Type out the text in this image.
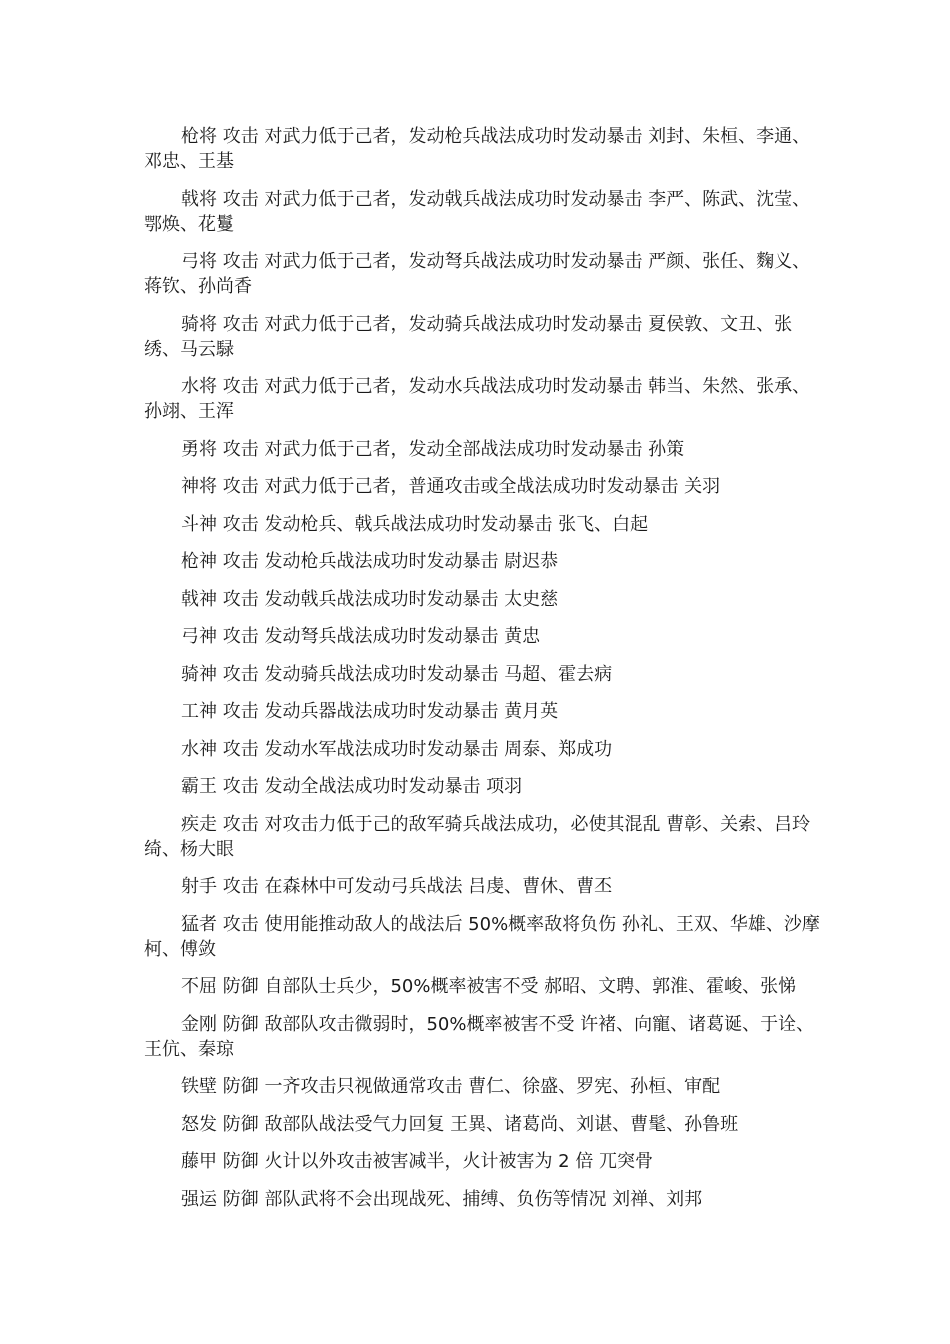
枪将 攻击 对武力低于己者，发动枪兵战法成功时发动暴击 刘封、朱桓、李通、邓忠、王基

戟将 攻击 对武力低于己者，发动戟兵战法成功时发动暴击 李严、陈武、沈莹、鄂焕、花鬘

弓将 攻击 对武力低于己者，发动弩兵战法成功时发动暴击 严颜、张任、麴义、蒋钦、孙尚香

骑将 攻击 对武力低于己者，发动骑兵战法成功时发动暴击 夏侯敦、文丑、张绣、马云騄

水将 攻击 对武力低于己者，发动水兵战法成功时发动暴击 韩当、朱然、张承、孙翊、王浑

勇将 攻击 对武力低于己者，发动全部战法成功时发动暴击 孙策

神将 攻击 对武力低于己者，普通攻击或全战法成功时发动暴击 关羽

斗神 攻击 发动枪兵、戟兵战法成功时发动暴击 张飞、白起

枪神 攻击 发动枪兵战法成功时发动暴击 尉迟恭

戟神 攻击 发动戟兵战法成功时发动暴击 太史慈

弓神 攻击 发动弩兵战法成功时发动暴击 黄忠

骑神 攻击 发动骑兵战法成功时发动暴击 马超、霍去病

工神 攻击 发动兵器战法成功时发动暴击 黄月英

水神 攻击 发动水军战法成功时发动暴击 周泰、郑成功

霸王 攻击 发动全战法成功时发动暴击 项羽

疾走 攻击 对攻击力低于己的敌军骑兵战法成功，必使其混乱 曹彰、关索、吕玲绮、杨大眼

射手 攻击 在森林中可发动弓兵战法 吕虔、曹休、曹丕

猛者 攻击 使用能推动敌人的战法后 50%概率敌将负伤 孙礼、王双、华雄、沙摩柯、傅敛

不屈 防御 自部队士兵少，50%概率被害不受 郝昭、文聘、郭淮、霍峻、张悌

金刚 防御 敌部队攻击微弱时，50%概率被害不受 许褚、向寵、诸葛诞、于诠、王伉、秦琼

铁壁 防御 一齐攻击只视做通常攻击 曹仁、徐盛、罗宪、孙桓、审配

怒发 防御 敌部队战法受气力回复 王異、诸葛尚、刘谌、曹髦、孙鲁班

藤甲 防御 火计以外攻击被害减半，火计被害为 2 倍 兀突骨

强运 防御 部队武将不会出现战死、捕缚、负伤等情况 刘禅、刘邦
